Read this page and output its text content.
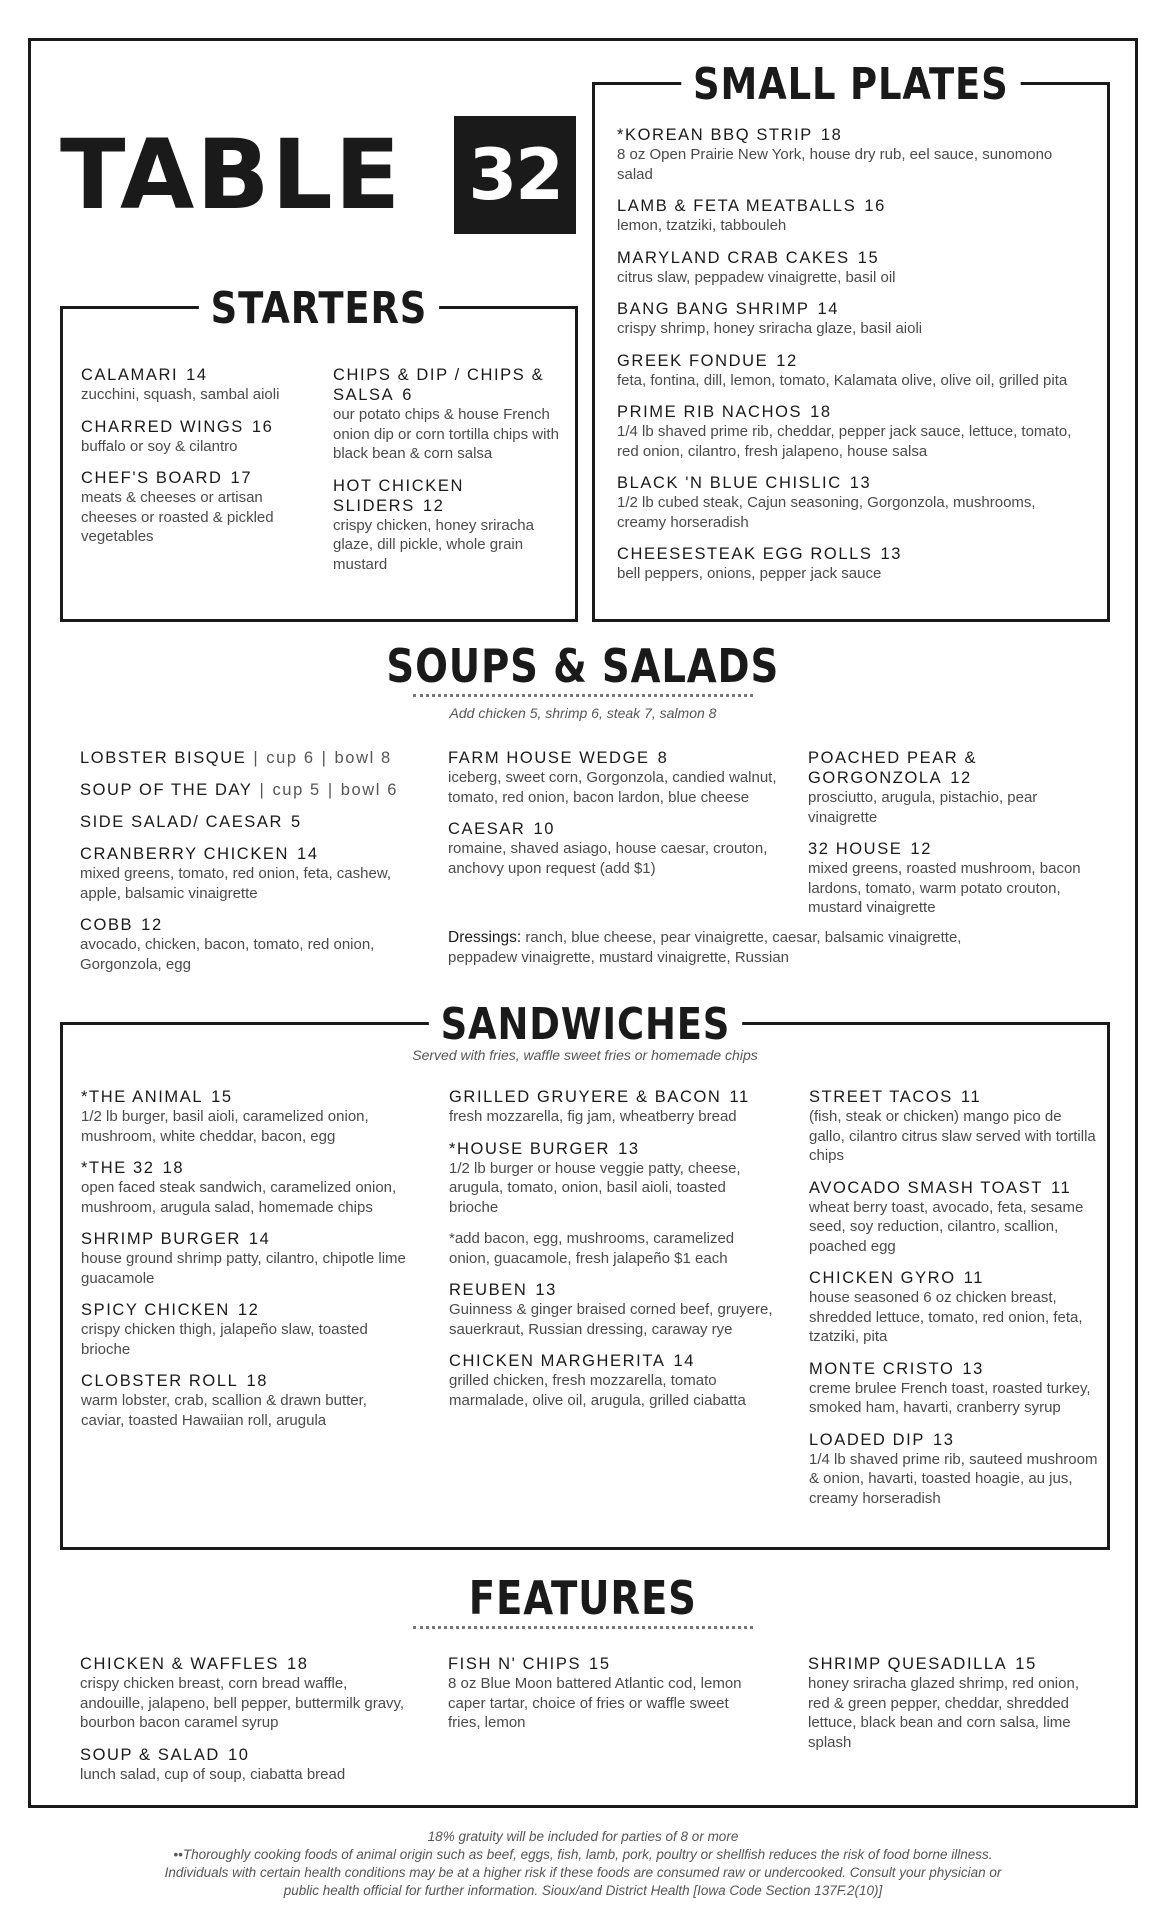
TABLE 32
SMALL PLATES
*KOREAN BBQ STRIP 18
8 oz Open Prairie New York, house dry rub, eel sauce, sunomono salad
LAMB & FETA MEATBALLS 16
lemon, tzatziki, tabbouleh
MARYLAND CRAB CAKES 15
citrus slaw, peppadew vinaigrette, basil oil
BANG BANG SHRIMP 14
crispy shrimp, honey sriracha glaze, basil aioli
GREEK FONDUE 12
feta, fontina, dill, lemon, tomato, Kalamata olive, olive oil, grilled pita
PRIME RIB NACHOS 18
1/4 lb shaved prime rib, cheddar, pepper jack sauce, lettuce, tomato, red onion, cilantro, fresh jalapeno, house salsa
BLACK 'N BLUE CHISLIC 13
1/2 lb cubed steak, Cajun seasoning, Gorgonzola, mushrooms, creamy horseradish
CHEESESTEAK EGG ROLLS 13
bell peppers, onions, pepper jack sauce
STARTERS
CALAMARI 14
zucchini, squash, sambal aioli
CHARRED WINGS 16
buffalo or soy & cilantro
CHEF'S BOARD 17
meats & cheeses or artisan cheeses or roasted & pickled vegetables
CHIPS & DIP / CHIPS & SALSA 6
our potato chips & house French onion dip or corn tortilla chips with black bean & corn salsa
HOT CHICKEN SLIDERS 12
crispy chicken, honey sriracha glaze, dill pickle, whole grain mustard
SOUPS & SALADS
Add chicken 5, shrimp 6, steak 7, salmon 8
LOBSTER BISQUE | cup 6 | bowl 8
SOUP OF THE DAY | cup 5 | bowl 6
SIDE SALAD/ CAESAR 5
CRANBERRY CHICKEN 14
mixed greens, tomato, red onion, feta, cashew, apple, balsamic vinaigrette
COBB 12
avocado, chicken, bacon, tomato, red onion, Gorgonzola, egg
FARM HOUSE WEDGE 8
iceberg, sweet corn, Gorgonzola, candied walnut, tomato, red onion, bacon lardon, blue cheese
CAESAR 10
romaine, shaved asiago, house caesar, crouton, anchovy upon request (add $1)
POACHED PEAR & GORGONZOLA 12
prosciutto, arugula, pistachio, pear vinaigrette
32 HOUSE 12
mixed greens, roasted mushroom, bacon lardons, tomato, warm potato crouton, mustard vinaigrette
Dressings: ranch, blue cheese, pear vinaigrette, caesar, balsamic vinaigrette, peppadew vinaigrette, mustard vinaigrette, Russian
SANDWICHES
Served with fries, waffle sweet fries or homemade chips
*THE ANIMAL 15
1/2 lb burger, basil aioli, caramelized onion, mushroom, white cheddar, bacon, egg
*THE 32 18
open faced steak sandwich, caramelized onion, mushroom, arugula salad, homemade chips
SHRIMP BURGER 14
house ground shrimp patty, cilantro, chipotle lime guacamole
SPICY CHICKEN 12
crispy chicken thigh, jalapeño slaw, toasted brioche
CLOBSTER ROLL 18
warm lobster, crab, scallion & drawn butter, caviar, toasted Hawaiian roll, arugula
GRILLED GRUYERE & BACON 11
fresh mozzarella, fig jam, wheatberry bread
*HOUSE BURGER 13
1/2 lb burger or house veggie patty, cheese, arugula, tomato, onion, basil aioli, toasted brioche
*add bacon, egg, mushrooms, caramelized onion, guacamole, fresh jalapeño $1 each
REUBEN 13
Guinness & ginger braised corned beef, gruyere, sauerkraut, Russian dressing, caraway rye
CHICKEN MARGHERITA 14
grilled chicken, fresh mozzarella, tomato marmalade, olive oil, arugula, grilled ciabatta
STREET TACOS 11
(fish, steak or chicken) mango pico de gallo, cilantro citrus slaw served with tortilla chips
AVOCADO SMASH TOAST 11
wheat berry toast, avocado, feta, sesame seed, soy reduction, cilantro, scallion, poached egg
CHICKEN GYRO 11
house seasoned 6 oz chicken breast, shredded lettuce, tomato, red onion, feta, tzatziki, pita
MONTE CRISTO 13
creme brulee French toast, roasted turkey, smoked ham, havarti, cranberry syrup
LOADED DIP 13
1/4 lb shaved prime rib, sauteed mushroom & onion, havarti, toasted hoagie, au jus, creamy horseradish
FEATURES
CHICKEN & WAFFLES 18
crispy chicken breast, corn bread waffle, andouille, jalapeno, bell pepper, buttermilk gravy, bourbon bacon caramel syrup
SOUP & SALAD 10
lunch salad, cup of soup, ciabatta bread
FISH N' CHIPS 15
8 oz Blue Moon battered Atlantic cod, lemon caper tartar, choice of fries or waffle sweet fries, lemon
SHRIMP QUESADILLA 15
honey sriracha glazed shrimp, red onion, red & green pepper, cheddar, shredded lettuce, black bean and corn salsa, lime splash
18% gratuity will be included for parties of 8 or more
••Thoroughly cooking foods of animal origin such as beef, eggs, fish, lamb, pork, poultry or shellfish reduces the risk of food borne illness. Individuals with certain health conditions may be at a higher risk if these foods are consumed raw or undercooked. Consult your physician or public health official for further information. Sioux/and District Health [Iowa Code Section 137F.2(10)]
